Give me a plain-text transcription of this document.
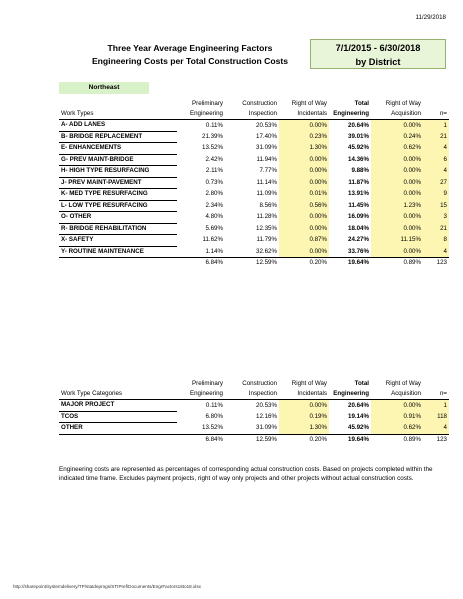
11/29/2018
Three Year Average Engineering Factors
Engineering Costs per Total Construction Costs
7/1/2015 - 6/30/2018
by District
Northeast
	Preliminary	Construction	Right of Way	Total	Right of Way	
Work Types	Engineering	Inspection	Incidentals	Engineering	Acquisition	n=
A- ADD LANES	0.11%	20.53%	0.00%	20.64%	0.00%	1
B- BRIDGE REPLACEMENT	21.39%	17.40%	0.23%	39.01%	0.24%	21
E- ENHANCEMENTS	13.52%	31.09%	1.30%	45.92%	0.62%	4
G- PREV MAINT-BRIDGE	2.42%	11.94%	0.00%	14.36%	0.00%	6
H- HIGH TYPE RESURFACING	2.11%	7.77%	0.00%	9.88%	0.00%	4
J- PREV MAINT-PAVEMENT	0.73%	11.14%	0.00%	11.87%	0.00%	27
K- MED TYPE RESURFACING	2.80%	11.09%	0.01%	13.91%	0.00%	9
L- LOW TYPE RESURFACING	2.34%	8.56%	0.56%	11.45%	1.23%	15
O- OTHER	4.80%	11.28%	0.00%	16.09%	0.00%	3
R- BRIDGE REHABILITATION	5.69%	12.35%	0.00%	18.04%	0.00%	21
X- SAFETY	11.62%	11.79%	0.87%	24.27%	11.15%	8
Y- ROUTINE MAINTENANCE	1.14%	32.62%	0.00%	33.76%	0.00%	4
	6.84%	12.59%	0.20%	19.64%	0.89%	123
	Preliminary	Construction	Right of Way	Total	Right of Way	
Work Type Categories	Engineering	Inspection	Incidentals	Engineering	Acquisition	n=
MAJOR PROJECT	0.11%	20.53%	0.00%	20.64%	0.00%	1
TCOS	6.80%	12.16%	0.19%	19.14%	0.91%	118
OTHER	13.52%	31.09%	1.30%	45.92%	0.62%	4
	6.84%	12.59%	0.20%	19.64%	0.89%	123
Engineering costs are represented as percentages of corresponding actual construction costs. Based on projects completed within the indicated time frame. Excludes payment projects, right of way only projects and other projects without actual construction costs.
http://sharepoint/systemdelivery/TP/statdeprogs/STIPref/Documents/EngrFactors16to18.xlsx
